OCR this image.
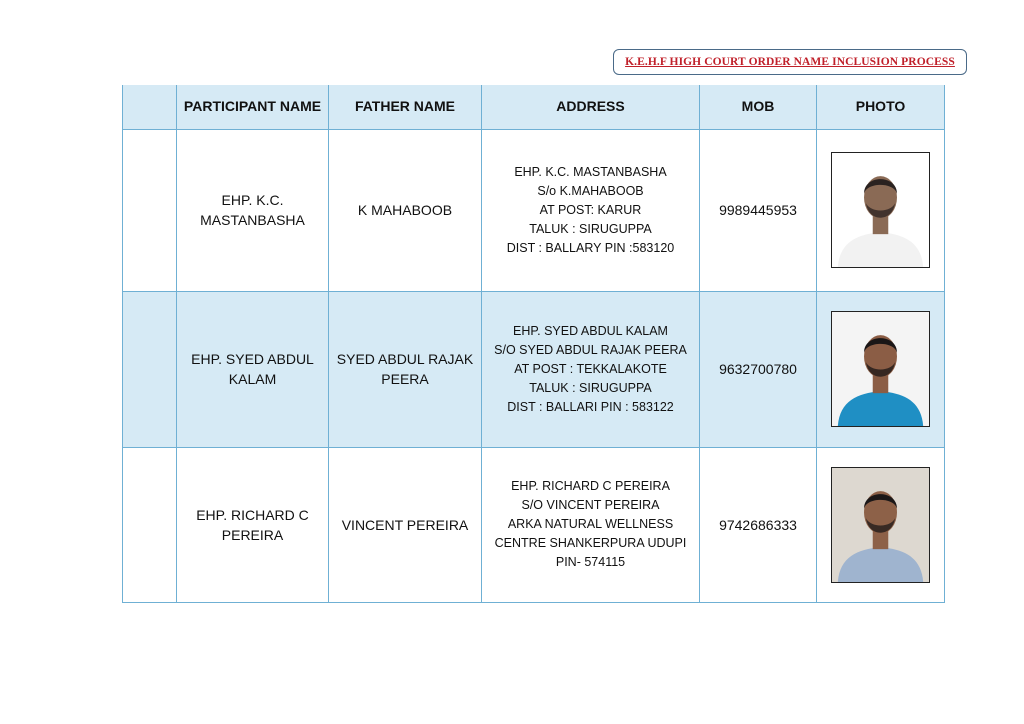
K.E.H.F HIGH COURT ORDER NAME INCLUSION PROCESS
	PARTICIPANT NAME	FATHER NAME	ADDRESS	MOB	PHOTO
	EHP. K.C. MASTANBASHA	K MAHABOOB	EHP. K.C. MASTANBASHA
S/o K.MAHABOOB
AT POST: KARUR
TALUK : SIRUGUPPA
DIST : BALLARY PIN :583120	9989445953	

	EHP. SYED ABDUL KALAM	SYED ABDUL RAJAK PEERA	EHP. SYED ABDUL KALAM
S/O SYED ABDUL RAJAK PEERA
AT POST : TEKKALAKOTE
TALUK : SIRUGUPPA
DIST : BALLARI PIN : 583122	9632700780	

	EHP. RICHARD C PEREIRA	VINCENT PEREIRA	EHP. RICHARD C PEREIRA
S/O VINCENT PEREIRA
ARKA NATURAL WELLNESS
CENTRE SHANKERPURA UDUPI
PIN- 574115	9742686333	
